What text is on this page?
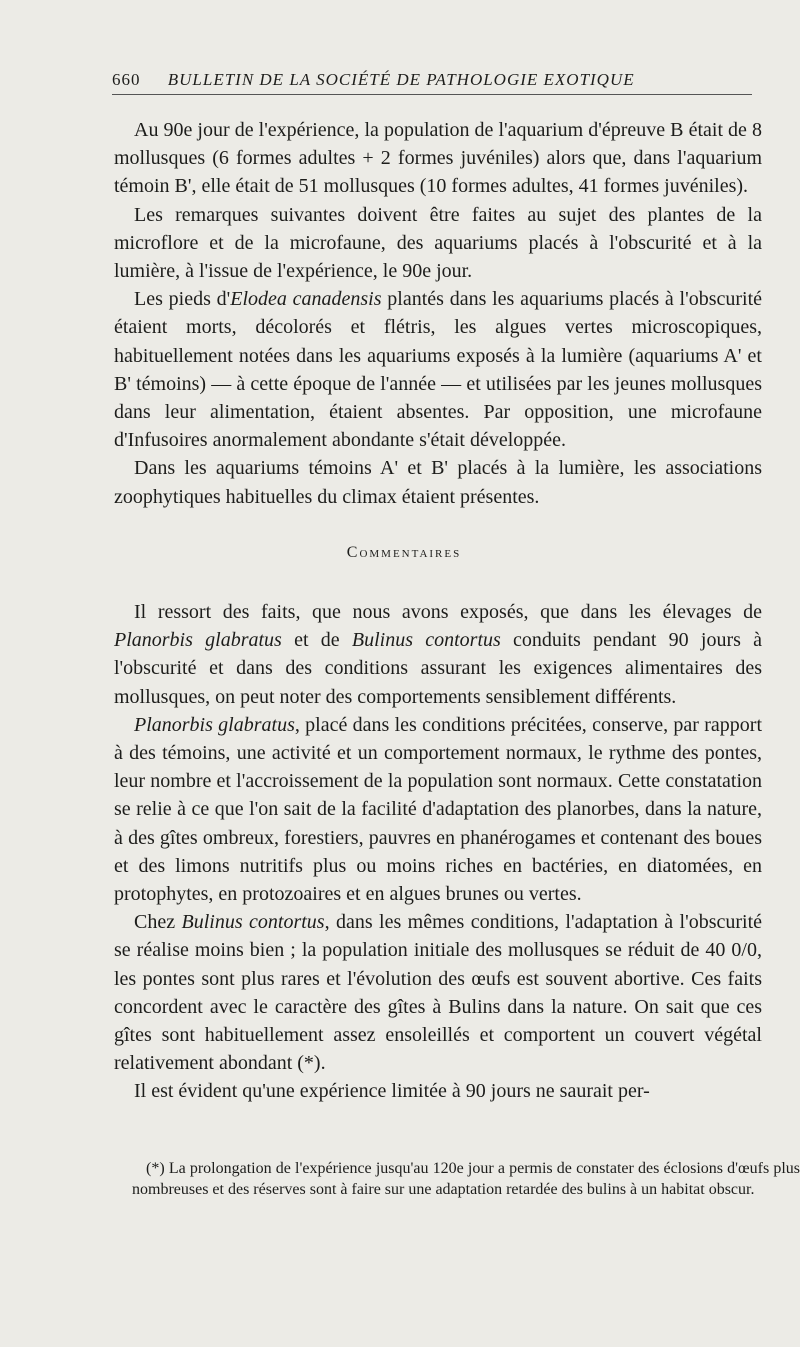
660 BULLETIN DE LA SOCIÉTÉ DE PATHOLOGIE EXOTIQUE

Au 90e jour de l'expérience, la population de l'aquarium d'épreuve B était de 8 mollusques (6 formes adultes + 2 formes juvéniles) alors que, dans l'aquarium témoin B', elle était de 51 mollusques (10 formes adultes, 41 formes juvéniles).

Les remarques suivantes doivent être faites au sujet des plantes de la microflore et de la microfaune, des aquariums placés à l'obscurité et à la lumière, à l'issue de l'expérience, le 90e jour.

Les pieds d'Elodea canadensis plantés dans les aquariums placés à l'obscurité étaient morts, décolorés et flétris, les algues vertes microscopiques, habituellement notées dans les aquariums exposés à la lumière (aquariums A' et B' témoins) — à cette époque de l'année — et utilisées par les jeunes mollusques dans leur alimentation, étaient absentes. Par opposition, une microfaune d'Infusoires anormalement abondante s'était développée.

Dans les aquariums témoins A' et B' placés à la lumière, les associations zoophytiques habituelles du climax étaient présentes.

Commentaires

Il ressort des faits, que nous avons exposés, que dans les élevages de Planorbis glabratus et de Bulinus contortus conduits pendant 90 jours à l'obscurité et dans des conditions assurant les exigences alimentaires des mollusques, on peut noter des comportements sensiblement différents.

Planorbis glabratus, placé dans les conditions précitées, conserve, par rapport à des témoins, une activité et un comportement normaux, le rythme des pontes, leur nombre et l'accroissement de la population sont normaux. Cette constatation se relie à ce que l'on sait de la facilité d'adaptation des planorbes, dans la nature, à des gîtes ombreux, forestiers, pauvres en phanérogames et contenant des boues et des limons nutritifs plus ou moins riches en bactéries, en diatomées, en protophytes, en protozoaires et en algues brunes ou vertes.

Chez Bulinus contortus, dans les mêmes conditions, l'adaptation à l'obscurité se réalise moins bien ; la population initiale des mollusques se réduit de 40 0/0, les pontes sont plus rares et l'évolution des œufs est souvent abortive. Ces faits concordent avec le caractère des gîtes à Bulins dans la nature. On sait que ces gîtes sont habituellement assez ensoleillés et comportent un couvert végétal relativement abondant (*).

Il est évident qu'une expérience limitée à 90 jours ne saurait per-

(*) La prolongation de l'expérience jusqu'au 120e jour a permis de constater des éclosions d'œufs plus nombreuses et des réserves sont à faire sur une adaptation retardée des bulins à un habitat obscur.
